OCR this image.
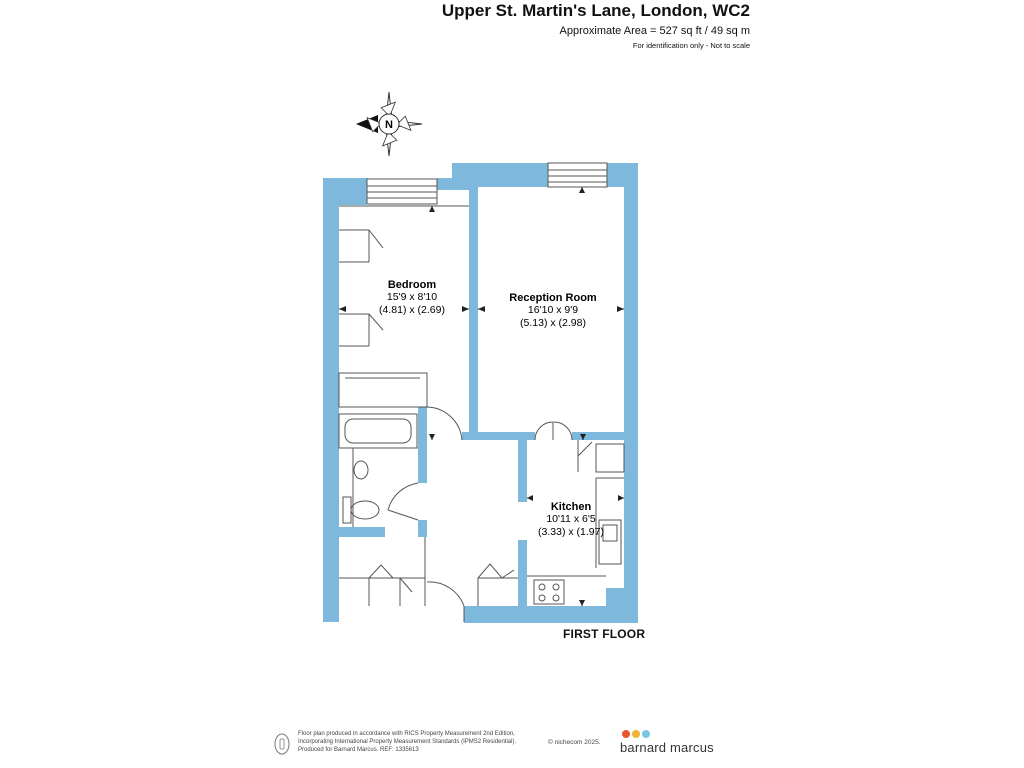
Upper St. Martin's Lane, London, WC2
Approximate Area = 527 sq ft / 49 sq m
For identification only - Not to scale
N
Bedroom
15'9 x 8'10
(4.81) x (2.69)
Reception Room
16'10 x 9'9
(5.13) x (2.98)
Kitchen
10'11 x 6'5
(3.33) x (1.97)
FIRST FLOOR
Floor plan produced in accordance with RICS Property Measurement 2nd Edition,
Incorporating International Property Measurement Standards (IPMS2 Residential).
Produced for Barnard Marcus. REF: 1335613
© nichecom 2025. barnard marcus
